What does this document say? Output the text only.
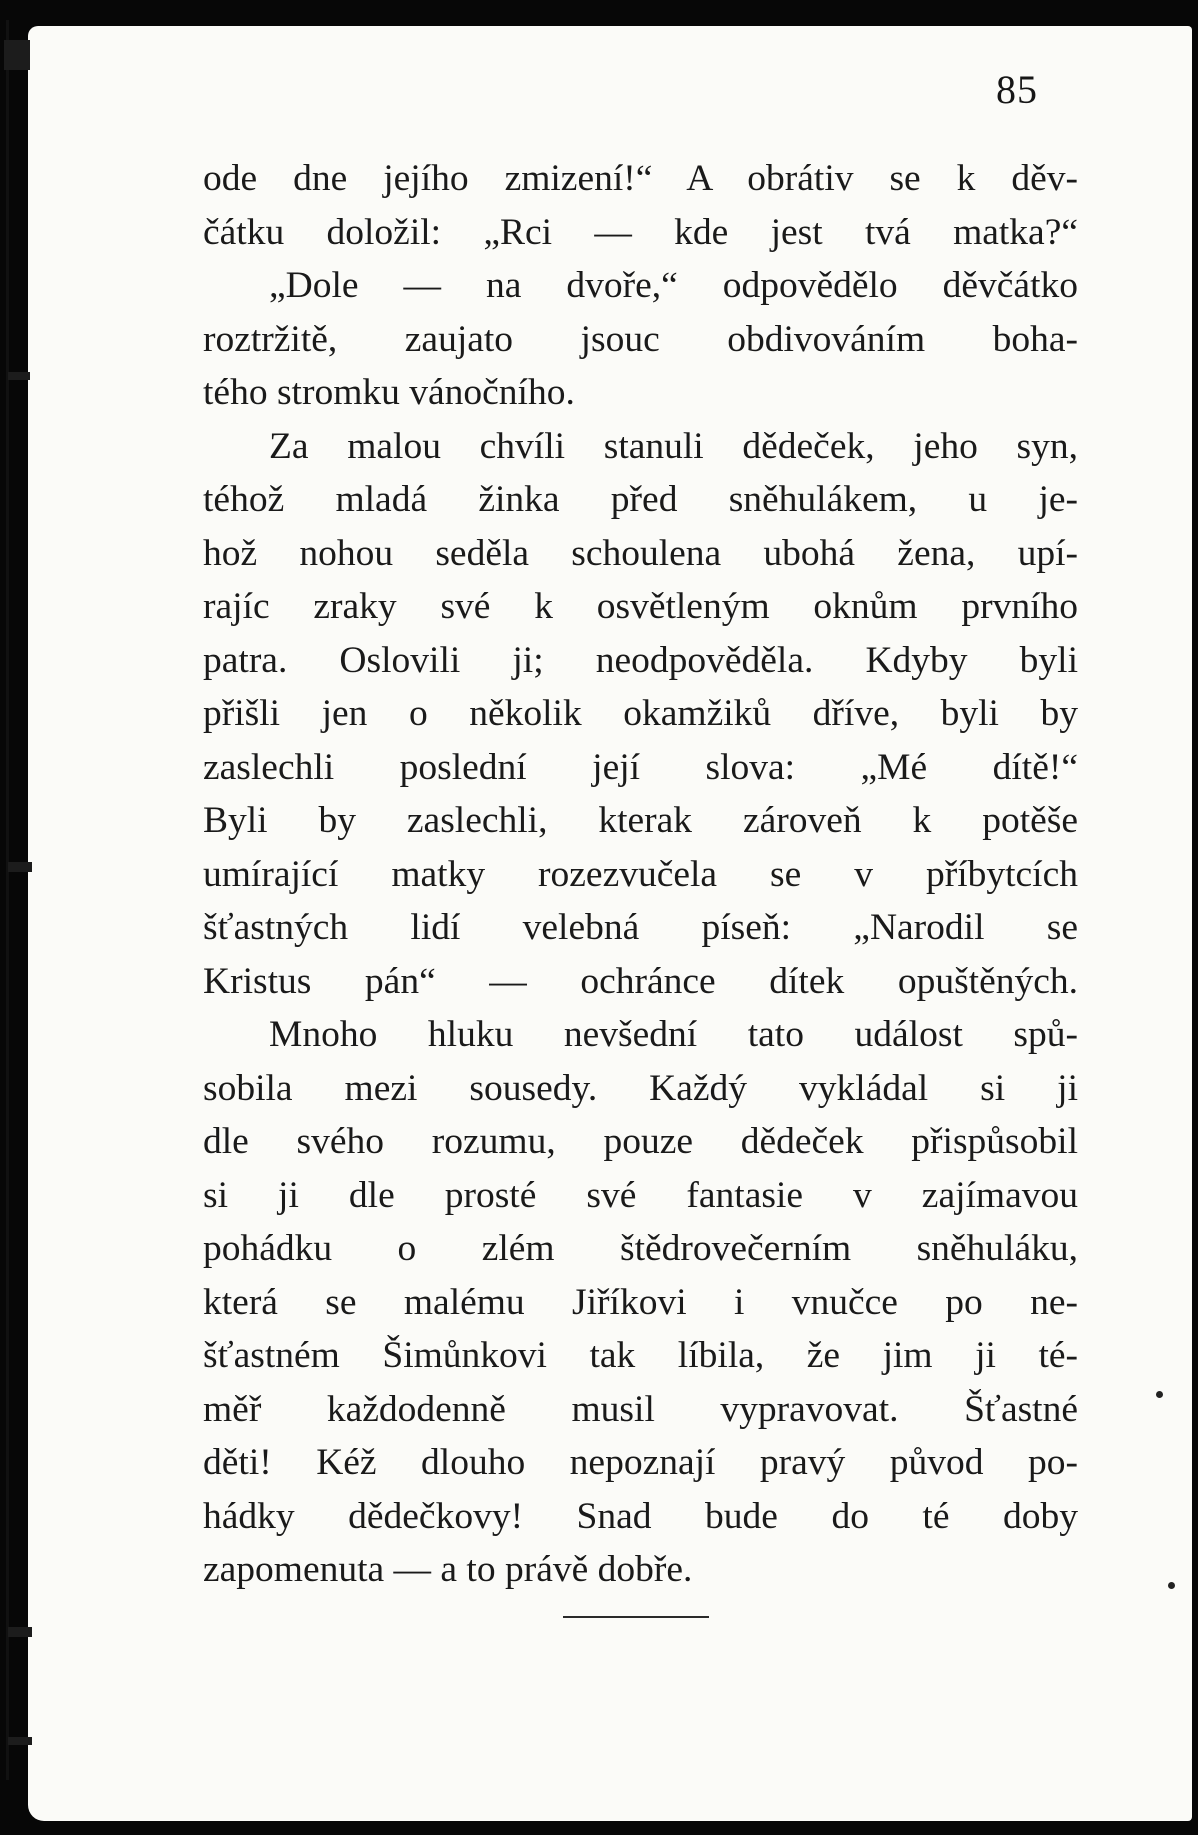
85
ode dne jejího zmizení!“ A obrátiv se k děv-
čátku doložil: „Rci — kde jest tvá matka?“
„Dole — na dvoře,“ odpovědělo děvčátko
roztržitě, zaujato jsouc obdivováním boha-
tého stromku vánočního.
Za malou chvíli stanuli dědeček, jeho syn,
téhož mladá žinka před sněhulákem, u je-
hož nohou seděla schoulena ubohá žena, upí-
rajíc zraky své k osvětleným oknům prvního
patra. Oslovili ji; neodpověděla. Kdyby byli
přišli jen o několik okamžiků dříve, byli by
zaslechli poslední její slova: „Mé dítě!“
Byli by zaslechli, kterak zároveň k potěše
umírající matky rozezvučela se v příbytcích
šťastných lidí velebná píseň: „Narodil se
Kristus pán“ — ochránce dítek opuštěných.
Mnoho hluku nevšední tato událost spů-
sobila mezi sousedy. Každý vykládal si ji
dle svého rozumu, pouze dědeček přispůsobil
si ji dle prosté své fantasie v zajímavou
pohádku o zlém štědrovečerním sněhuláku,
která se malému Jiříkovi i vnučce po ne-
šťastném Šimůnkovi tak líbila, že jim ji té-
měř každodenně musil vypravovat. Šťastné
děti! Kéž dlouho nepoznají pravý původ po-
hádky dědečkovy! Snad bude do té doby
zapomenuta — a to právě dobře.
